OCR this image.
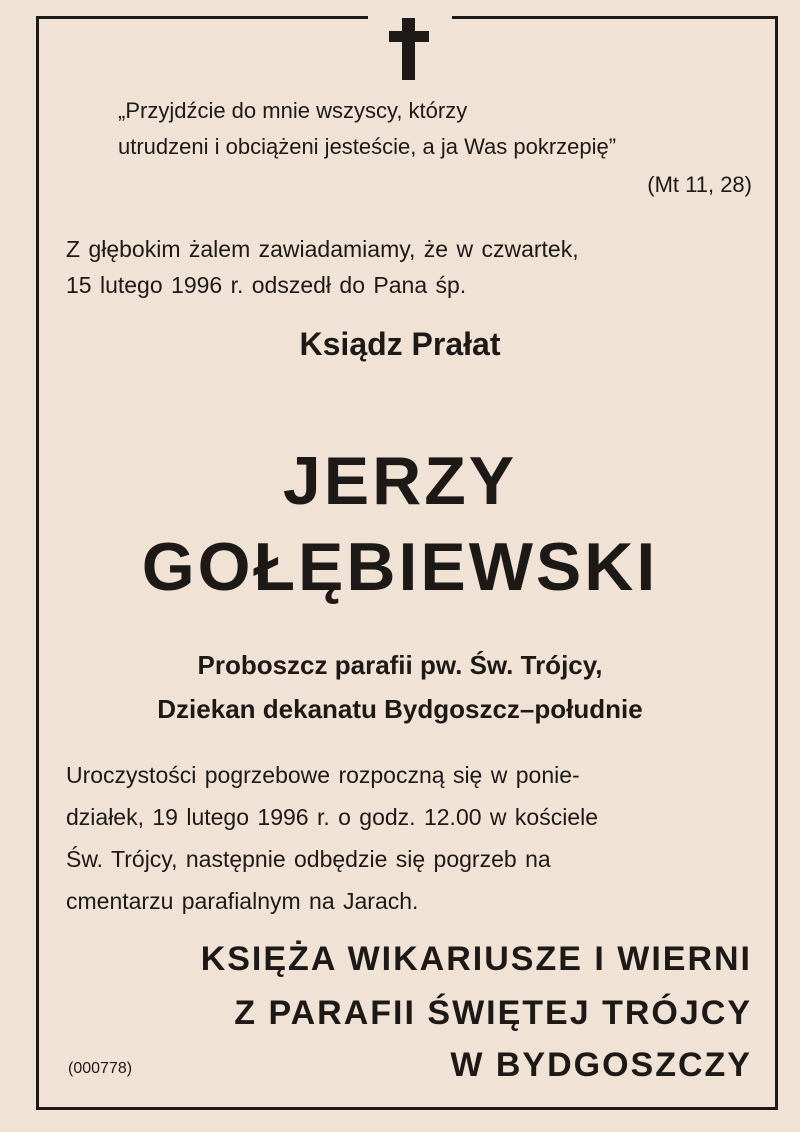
„Przyjdźcie do mnie wszyscy, którzy

utrudzeni i obciążeni jesteście, a ja Was pokrzepię”

(Mt 11, 28)

Z głębokim żalem zawiadamiamy, że w czwartek,

15 lutego 1996 r. odszedł do Pana śp.

Ksiądz Prałat

JERZY

GOŁĘBIEWSKI

Proboszcz parafii pw. Św. Trójcy,

Dziekan dekanatu Bydgoszcz–południe

Uroczystości pogrzebowe rozpoczną się w ponie-

działek, 19 lutego 1996 r. o godz. 12.00 w kościele

Św. Trójcy, następnie odbędzie się pogrzeb na

cmentarzu parafialnym na Jarach.

KSIĘŻA WIKARIUSZE I WIERNI

Z PARAFII ŚWIĘTEJ TRÓJCY

W BYDGOSZCZY

(000778)
